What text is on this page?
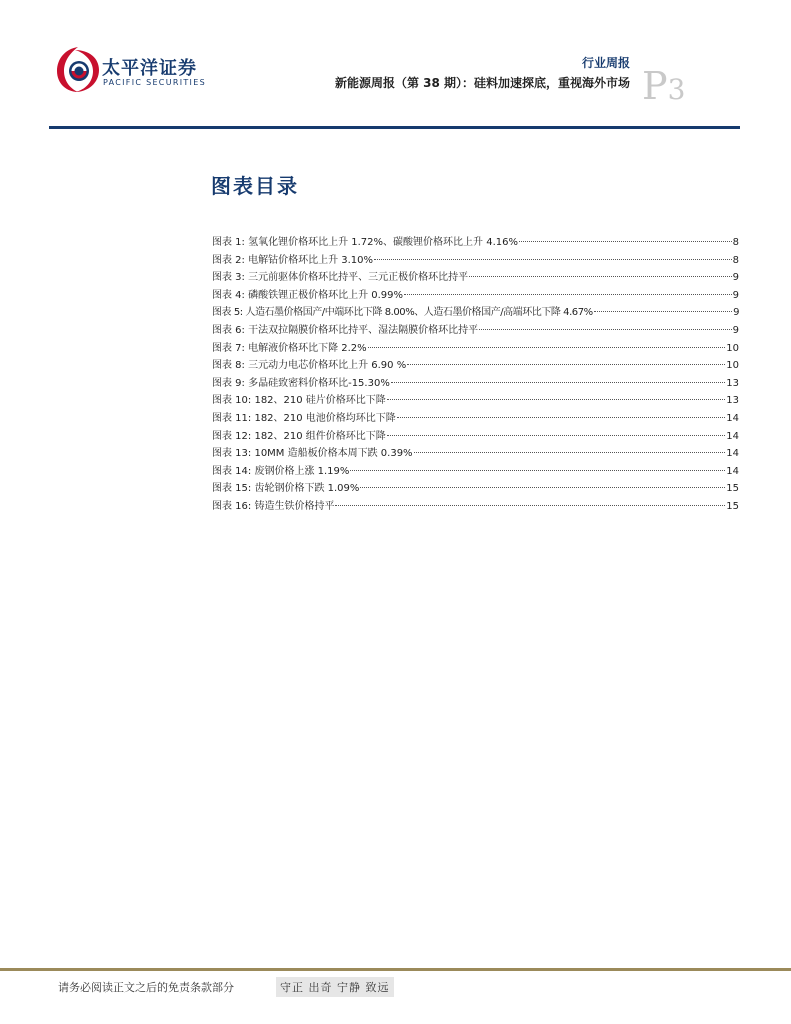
太平洋证券
PACIFIC SECURITIES
行业周报
新能源周报（第 38 期）：硅料加速探底，重视海外市场 P3
图表目录
图表 1: 氢氧化锂价格环比上升 1.72%、碳酸锂价格环比上升 4.16%	8
图表 2: 电解钴价格环比上升 3.10%	8
图表 3: 三元前驱体价格环比持平、三元正极价格环比持平	9
图表 4: 磷酸铁锂正极价格环比上升 0.99%	9
图表 5: 人造石墨价格国产/中端环比下降 8.00%、人造石墨价格国产/高端环比下降 4.67%	9
图表 6: 干法双拉隔膜价格环比持平、湿法隔膜价格环比持平	9
图表 7: 电解液价格环比下降 2.2%	10
图表 8: 三元动力电芯价格环比上升 6.90 %	10
图表 9: 多晶硅致密料价格环比-15.30%	13
图表 10: 182、210 硅片价格环比下降	13
图表 11: 182、210 电池价格均环比下降	14
图表 12: 182、210 组件价格环比下降	14
图表 13: 10MM 造船板价格本周下跌 0.39%	14
图表 14: 废钢价格上涨 1.19%	14
图表 15: 齿轮钢价格下跌 1.09%	15
图表 16: 铸造生铁价格持平	15
请务必阅读正文之后的免责条款部分	守正 出奇 宁静 致远
